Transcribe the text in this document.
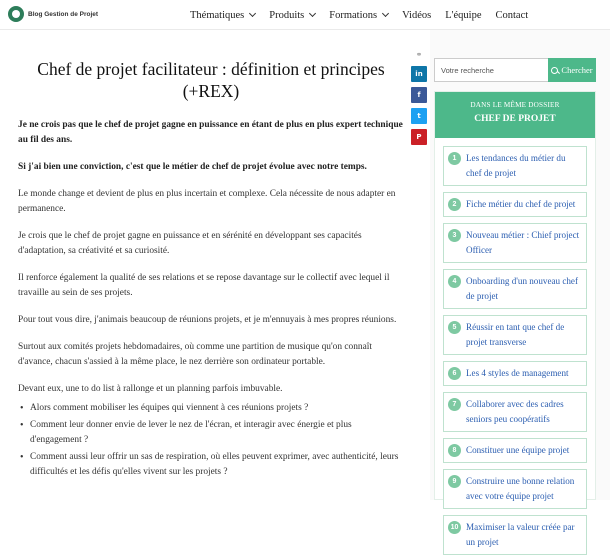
Blog Gestion de Projet	Thématiques Produits Formations Vidéos L'équipe Contact
Chef de projet facilitateur : définition et principes (+REX)

Je ne crois pas que le chef de projet gagne en puissance en étant de plus en plus expert technique au fil des ans.

Si j'ai bien une conviction, c'est que le métier de chef de projet évolue avec notre temps.

Le monde change et devient de plus en plus incertain et complexe. Cela nécessite de nous adapter en permanence.

Je crois que le chef de projet gagne en puissance et en sérénité en développant ses capacités d'adaptation, sa créativité et sa curiosité.

Il renforce également la qualité de ses relations et se repose davantage sur le collectif avec lequel il travaille au sein de ses projets.

Pour tout vous dire, j'animais beaucoup de réunions projets, et je m'ennuyais à mes propres réunions.

Surtout aux comités projets hebdomadaires, où comme une partition de musique qu'on connaît d'avance, chacun s'assied à la même place, le nez derrière son ordinateur portable.

Devant eux, une to do list à rallonge et un planning parfois imbuvable.

• Alors comment mobiliser les équipes qui viennent à ces réunions projets ?
• Comment leur donner envie de lever le nez de l'écran, et interagir avec énergie et plus d'engagement ?
• Comment aussi leur offrir un sas de respiration, où elles peuvent exprimer, avec authenticité, leurs difficultés et les défis qu'elles vivent sur les projets ?
⚭
in
f
t
P
Votre recherche
Chercher
DANS LE MÊME DOSSIER
CHEF DE PROJET
1	Les tendances du métier du chef de projet
2	Fiche métier du chef de projet
3	Nouveau métier : Chief project Officer
4	Onboarding d'un nouveau chef de projet
5	Réussir en tant que chef de projet transverse
6	Les 4 styles de management
7	Collaborer avec des cadres seniors peu coopératifs
8	Constituer une équipe projet
9	Construire une bonne relation avec votre équipe projet
10 Maximiser la valeur créée par un projet
